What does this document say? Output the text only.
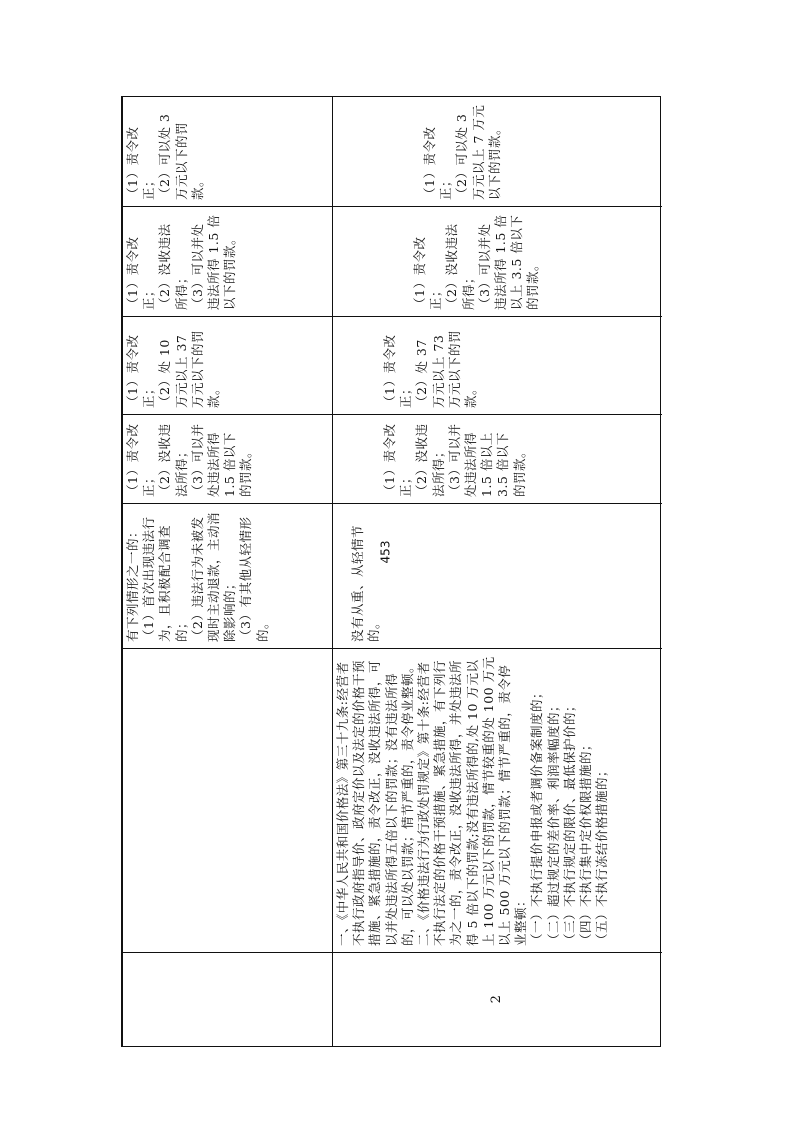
有下列情形之一的： （1）首次出现违法行为，且积极配合调查的； （2）违法行为未被发现时主动退款，主动消除影响的； （3）有其他从轻情形的。

（1）责令改正； （2）没收违法所得； （3）可以并处违法所得 1.5 倍以下的罚款。

（1）责令改正； （2）处 10 万元以上 37 万元以下的罚款。

（1）责令改正； （2）没收违法所得； （3）可以并处违法所得 1.5 倍以下的罚款。

（1）责令改正； （2）可以处 3 万元以下的罚款。

2

一、《中华人民共和国价格法》第三十九条:经营者不执行政府指导价、政府定价以及法定的价格干预措施、紧急措施的，责令改正，没收违法所得，可以并处违法所得五倍以下的罚款；没有违法所得的，可以处以罚款；情节严重的，责令停业整顿。 二、《价格违法行为行政处罚规定》第十条:经营者不执行法定的价格干预措施、紧急措施，有下列行为之一的，责令改正，没收违法所得，并处违法所得 5 倍以下的罚款;没有违法所得的,处 10 万元以上 100 万元以下的罚款，情节较重的处 100 万元以上 500 万元以下的罚款；情节严重的，责令停业整顿： （一）不执行提价申报或者调价备案制度的； （二）超过规定的差价率、利润率幅度的； （三）不执行规定的限价、最低保护价的； （四）不执行集中定价权限措施的； （五）不执行冻结价格措施的；

没有从重、从轻情节的。

（1）责令改正； （2）没收违法所得； （3）可以并处违法所得 1.5 倍以上 3.5 倍以下的罚款。

（1）责令改正； （2）处 37 万元以上 73 万元以下的罚款。

（1）责令改正； （2）没收违法所得； （3）可以并处违法所得 1.5 倍以上 3.5 倍以下的罚款。

（1）责令改正； （2）可以处 3 万元以上 7 万元以下的罚款。

453
